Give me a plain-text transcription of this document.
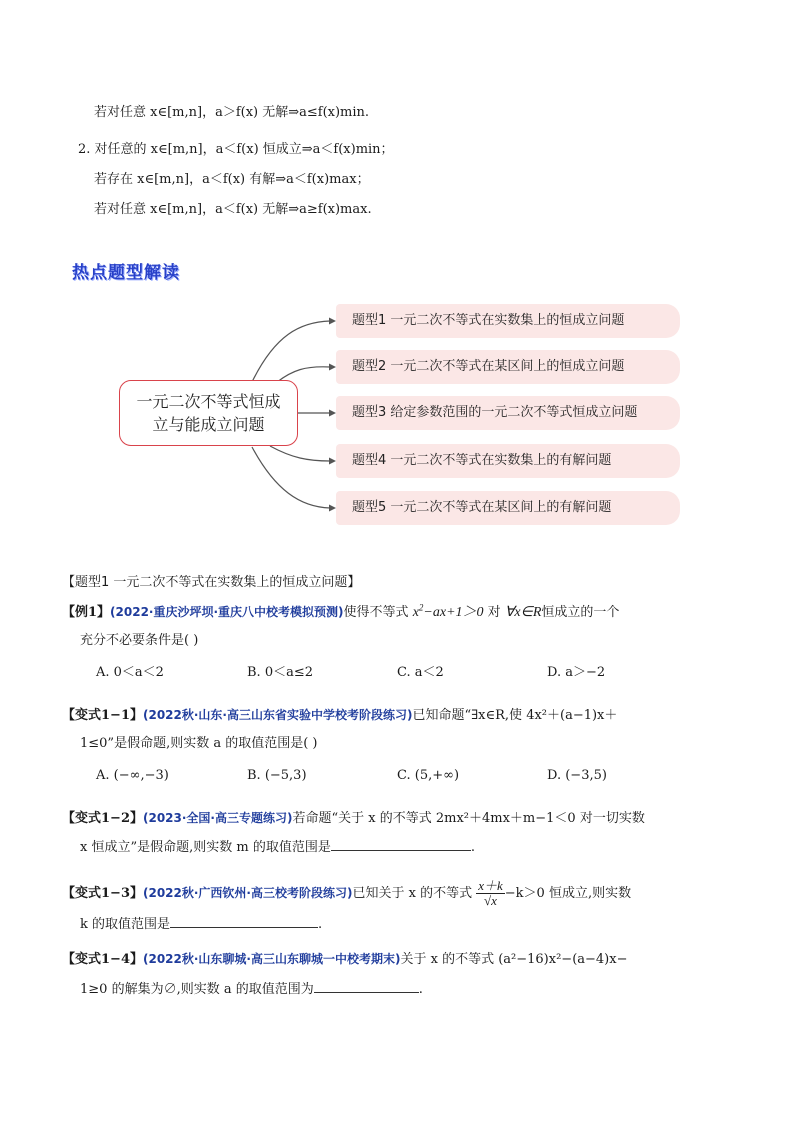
若对任意 x∈[m,n]，a＞f(x) 无解⇒a≤f(x)min.
2. 对任意的 x∈[m,n]，a＜f(x) 恒成立⇒a＜f(x)min；
若存在 x∈[m,n]，a＜f(x) 有解⇒a＜f(x)max；
若对任意 x∈[m,n]，a＜f(x) 无解⇒a≥f(x)max.
热点题型解读
一元二次不等式恒成立与能成立问题
题型1 一元二次不等式在实数集上的恒成立问题
题型2 一元二次不等式在某区间上的恒成立问题
题型3 给定参数范围的一元二次不等式恒成立问题
题型4 一元二次不等式在实数集上的有解问题
题型5 一元二次不等式在某区间上的有解问题
【题型1 一元二次不等式在实数集上的恒成立问题】
【例1】(2022·重庆沙坪坝·重庆八中校考模拟预测)使得不等式 $x^2-ax+1>0$ 对 ∀x∈R恒成立的一个
充分不必要条件是( )
A. 0＜a＜2	B. 0＜a≤2	C. a＜2	D. a＞−2
【变式1−1】(2022秋·山东·高三山东省实验中学校考阶段练习)已知命题“∃x∈R,使 4x²＋(a−1)x＋
1≤0”是假命题,则实数 a 的取值范围是( )
A. (−∞,−3)	B. (−5,3)	C. (5,+∞)	D. (−3,5)
【变式1−2】(2023·全国·高三专题练习)若命题“关于 x 的不等式 2mx²＋4mx＋m−1＜0 对一切实数
x 恒成立”是假命题,则实数 m 的取值范围是	.
【变式1−3】(2022秋·广西钦州·高三校考阶段练习)已知关于 x 的不等式 $\frac{x+k}{√x} -k>0$ 恒成立,则实数
k 的取值范围是	.
【变式1−4】(2022秋·山东聊城·高三山东聊城一中校考期末)关于 x 的不等式 (a²−16)x²−(a−4)x−
1≥0 的解集为∅,则实数 a 的取值范围为	.
